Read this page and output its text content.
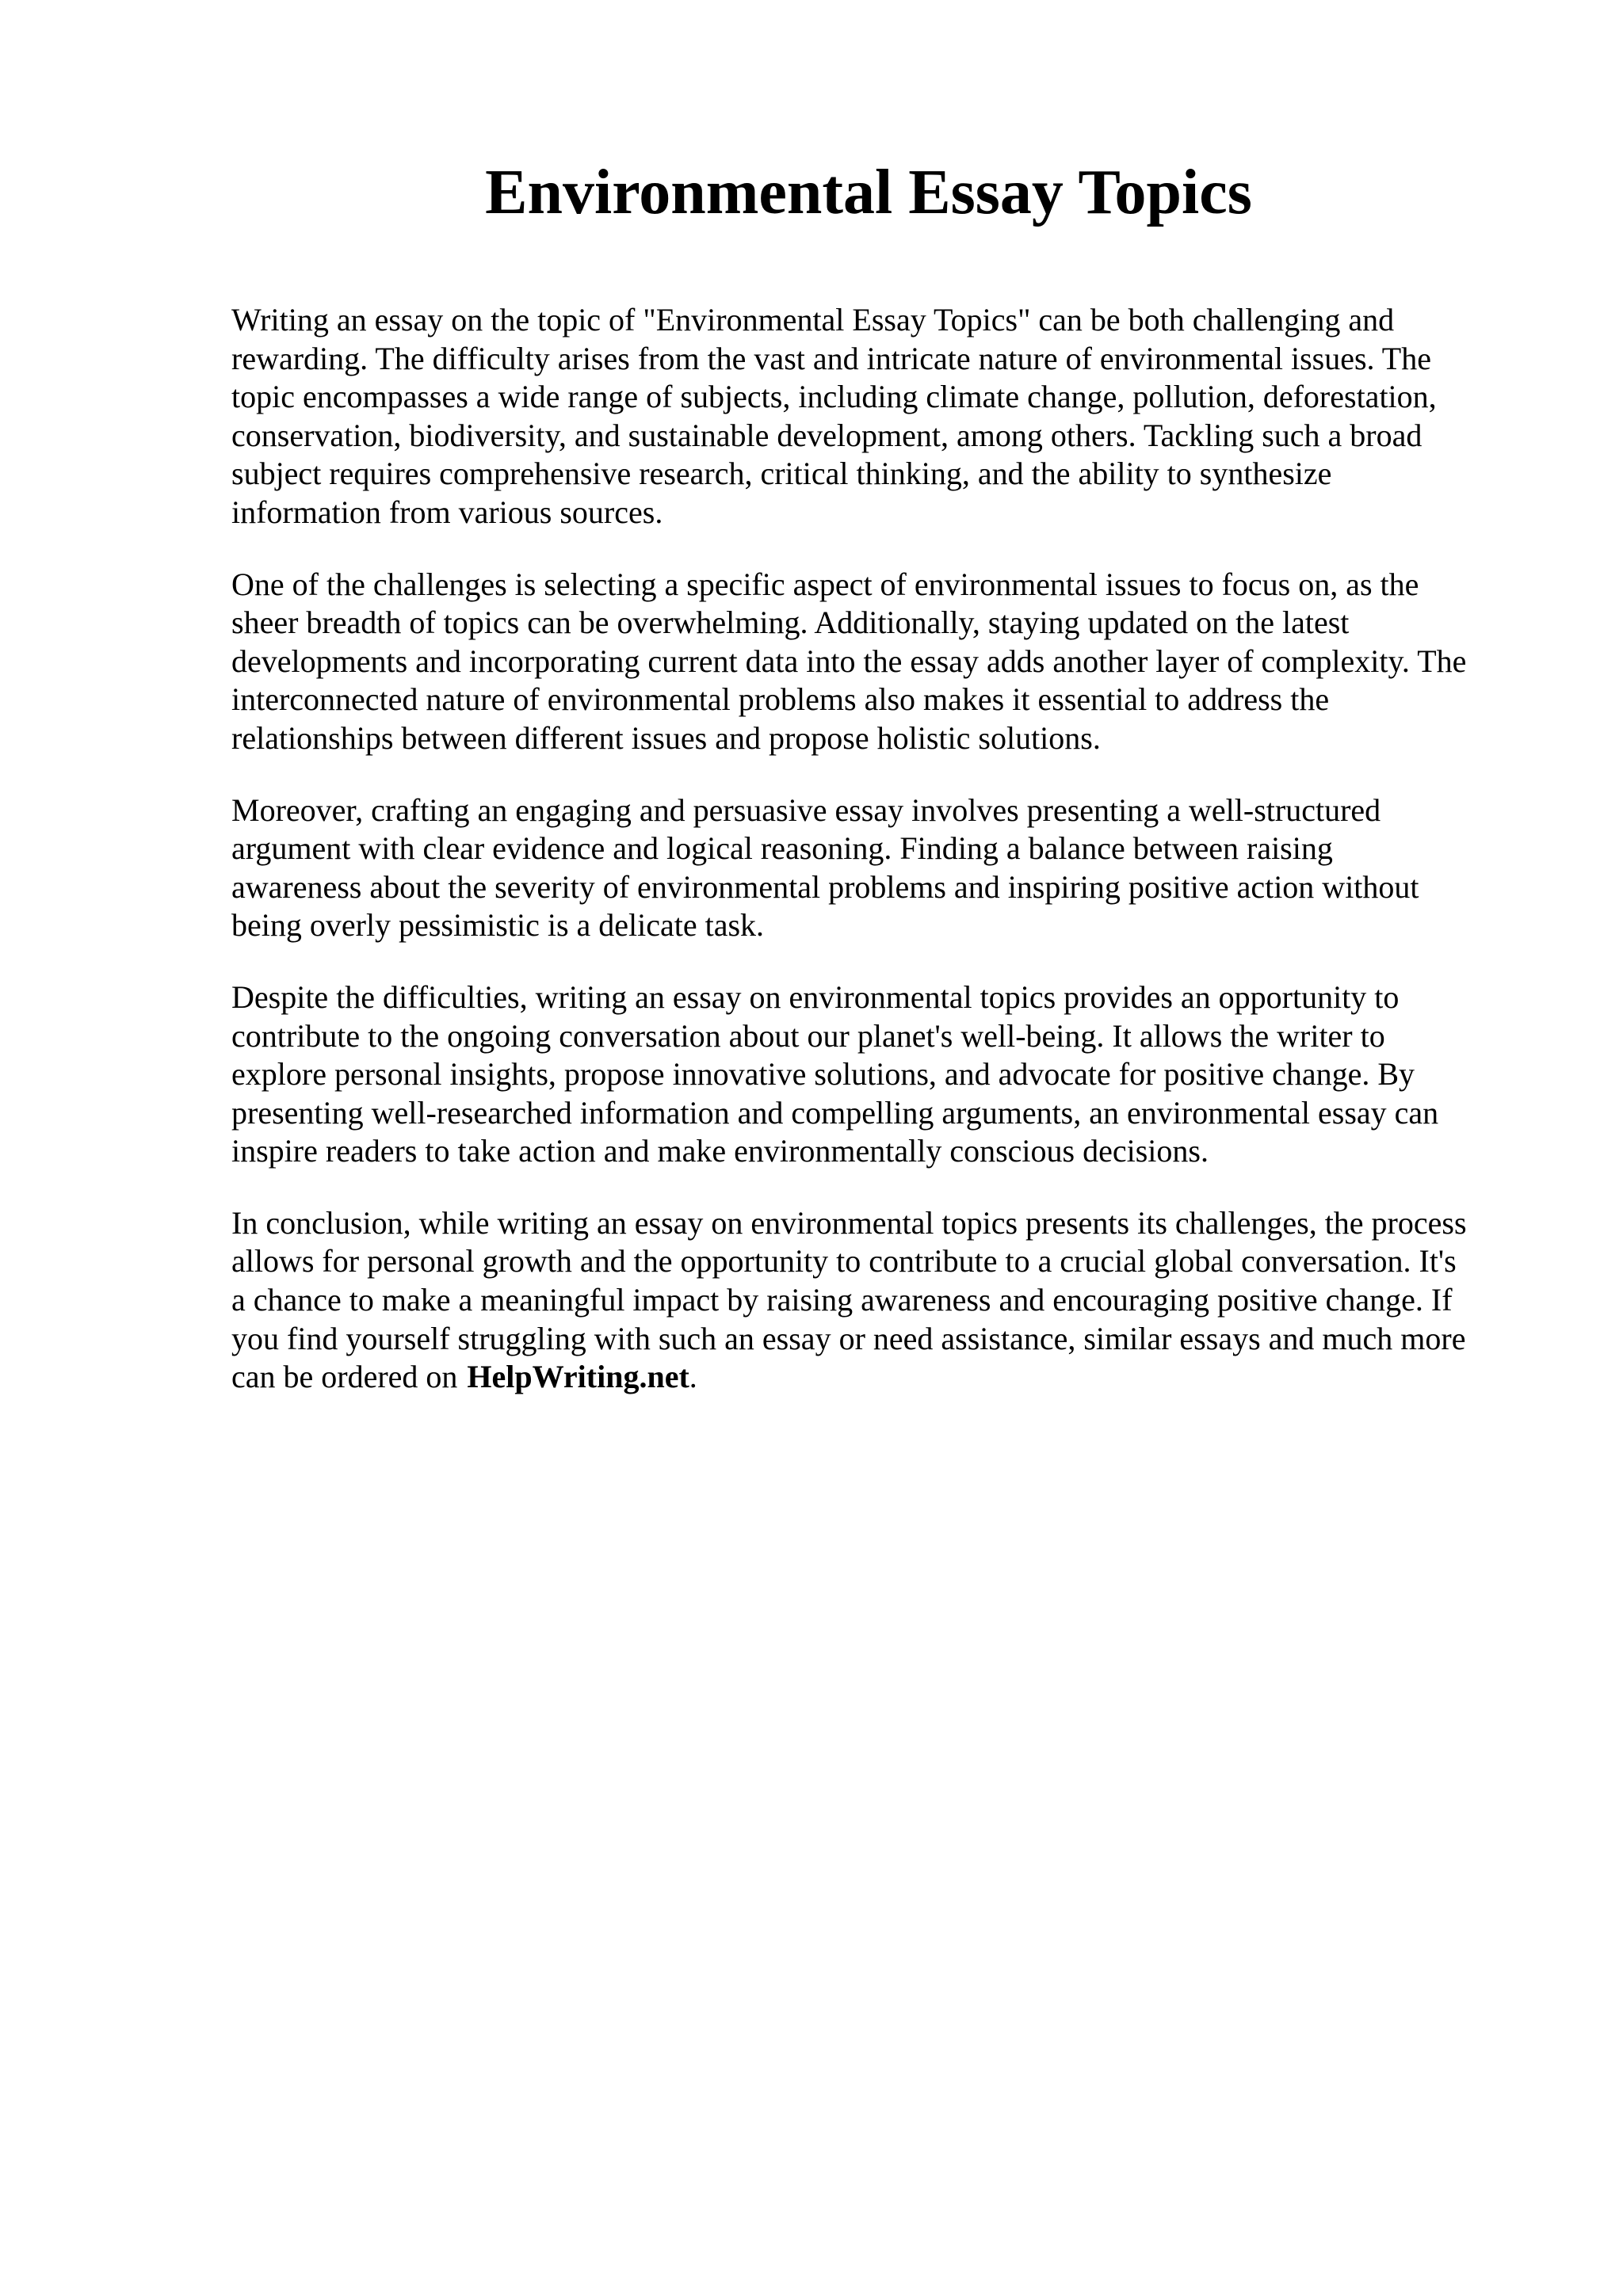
Environmental Essay Topics

Writing an essay on the topic of "Environmental Essay Topics" can be both challenging and
rewarding. The difficulty arises from the vast and intricate nature of environmental issues. The
topic encompasses a wide range of subjects, including climate change, pollution, deforestation,
conservation, biodiversity, and sustainable development, among others. Tackling such a broad
subject requires comprehensive research, critical thinking, and the ability to synthesize
information from various sources.

One of the challenges is selecting a specific aspect of environmental issues to focus on, as the
sheer breadth of topics can be overwhelming. Additionally, staying updated on the latest
developments and incorporating current data into the essay adds another layer of complexity. The
interconnected nature of environmental problems also makes it essential to address the
relationships between different issues and propose holistic solutions.

Moreover, crafting an engaging and persuasive essay involves presenting a well-structured
argument with clear evidence and logical reasoning. Finding a balance between raising
awareness about the severity of environmental problems and inspiring positive action without
being overly pessimistic is a delicate task.

Despite the difficulties, writing an essay on environmental topics provides an opportunity to
contribute to the ongoing conversation about our planet's well-being. It allows the writer to
explore personal insights, propose innovative solutions, and advocate for positive change. By
presenting well-researched information and compelling arguments, an environmental essay can
inspire readers to take action and make environmentally conscious decisions.

In conclusion, while writing an essay on environmental topics presents its challenges, the process
allows for personal growth and the opportunity to contribute to a crucial global conversation. It's
a chance to make a meaningful impact by raising awareness and encouraging positive change. If
you find yourself struggling with such an essay or need assistance, similar essays and much more
can be ordered on HelpWriting.net.
